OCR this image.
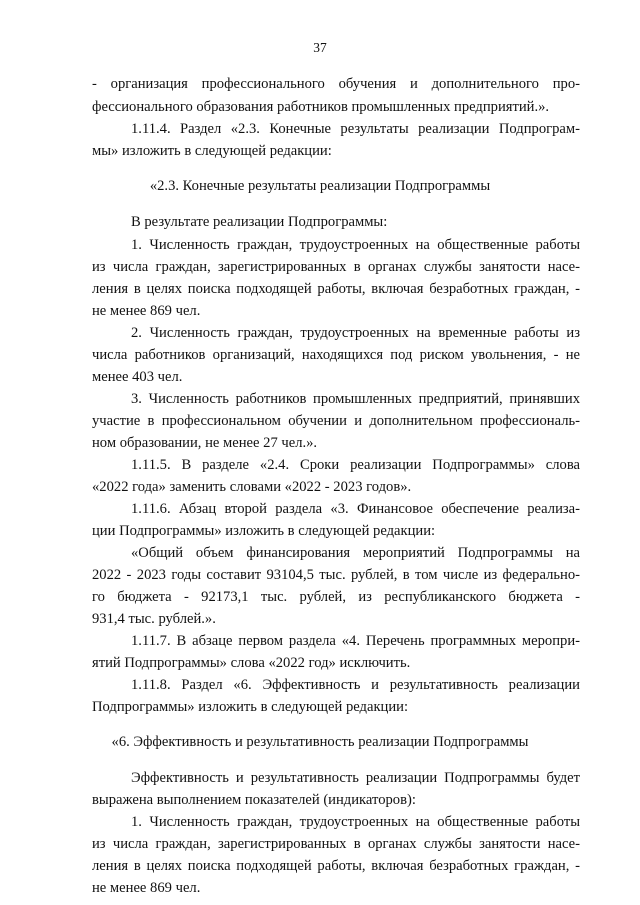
37
- организация профессионального обучения и дополнительного про-
фессионального образования работников промышленных предприятий.».
1.11.4. Раздел «2.3. Конечные результаты реализации Подпрограм-
мы» изложить в следующей редакции:
«2.3. Конечные результаты реализации Подпрограммы
В результате реализации Подпрограммы:
1. Численность граждан, трудоустроенных на общественные работы
из числа граждан, зарегистрированных в органах службы занятости насе-
ления в целях поиска подходящей работы, включая безработных граждан, -
не менее 869 чел.
2. Численность граждан, трудоустроенных на временные работы из
числа работников организаций, находящихся под риском увольнения, - не
менее 403 чел.
3. Численность работников промышленных предприятий, принявших
участие в профессиональном обучении и дополнительном профессиональ-
ном образовании, не менее 27 чел.».
1.11.5. В разделе «2.4. Сроки реализации Подпрограммы» слова
«2022 года» заменить словами «2022 - 2023 годов».
1.11.6. Абзац второй раздела «3. Финансовое обеспечение реализа-
ции Подпрограммы» изложить в следующей редакции:
«Общий объем финансирования мероприятий Подпрограммы на
2022 - 2023 годы составит 93104,5 тыс. рублей, в том числе из федерально-
го бюджета - 92173,1 тыс. рублей, из республиканского бюджета -
931,4 тыс. рублей.».
1.11.7. В абзаце первом раздела «4. Перечень программных меропри-
ятий Подпрограммы» слова «2022 год» исключить.
1.11.8. Раздел «6. Эффективность и результативность реализации
Подпрограммы» изложить в следующей редакции:
«6. Эффективность и результативность реализации Подпрограммы
Эффективность и результативность реализации Подпрограммы будет
выражена выполнением показателей (индикаторов):
1. Численность граждан, трудоустроенных на общественные работы
из числа граждан, зарегистрированных в органах службы занятости насе-
ления в целях поиска подходящей работы, включая безработных граждан, -
не менее 869 чел.
